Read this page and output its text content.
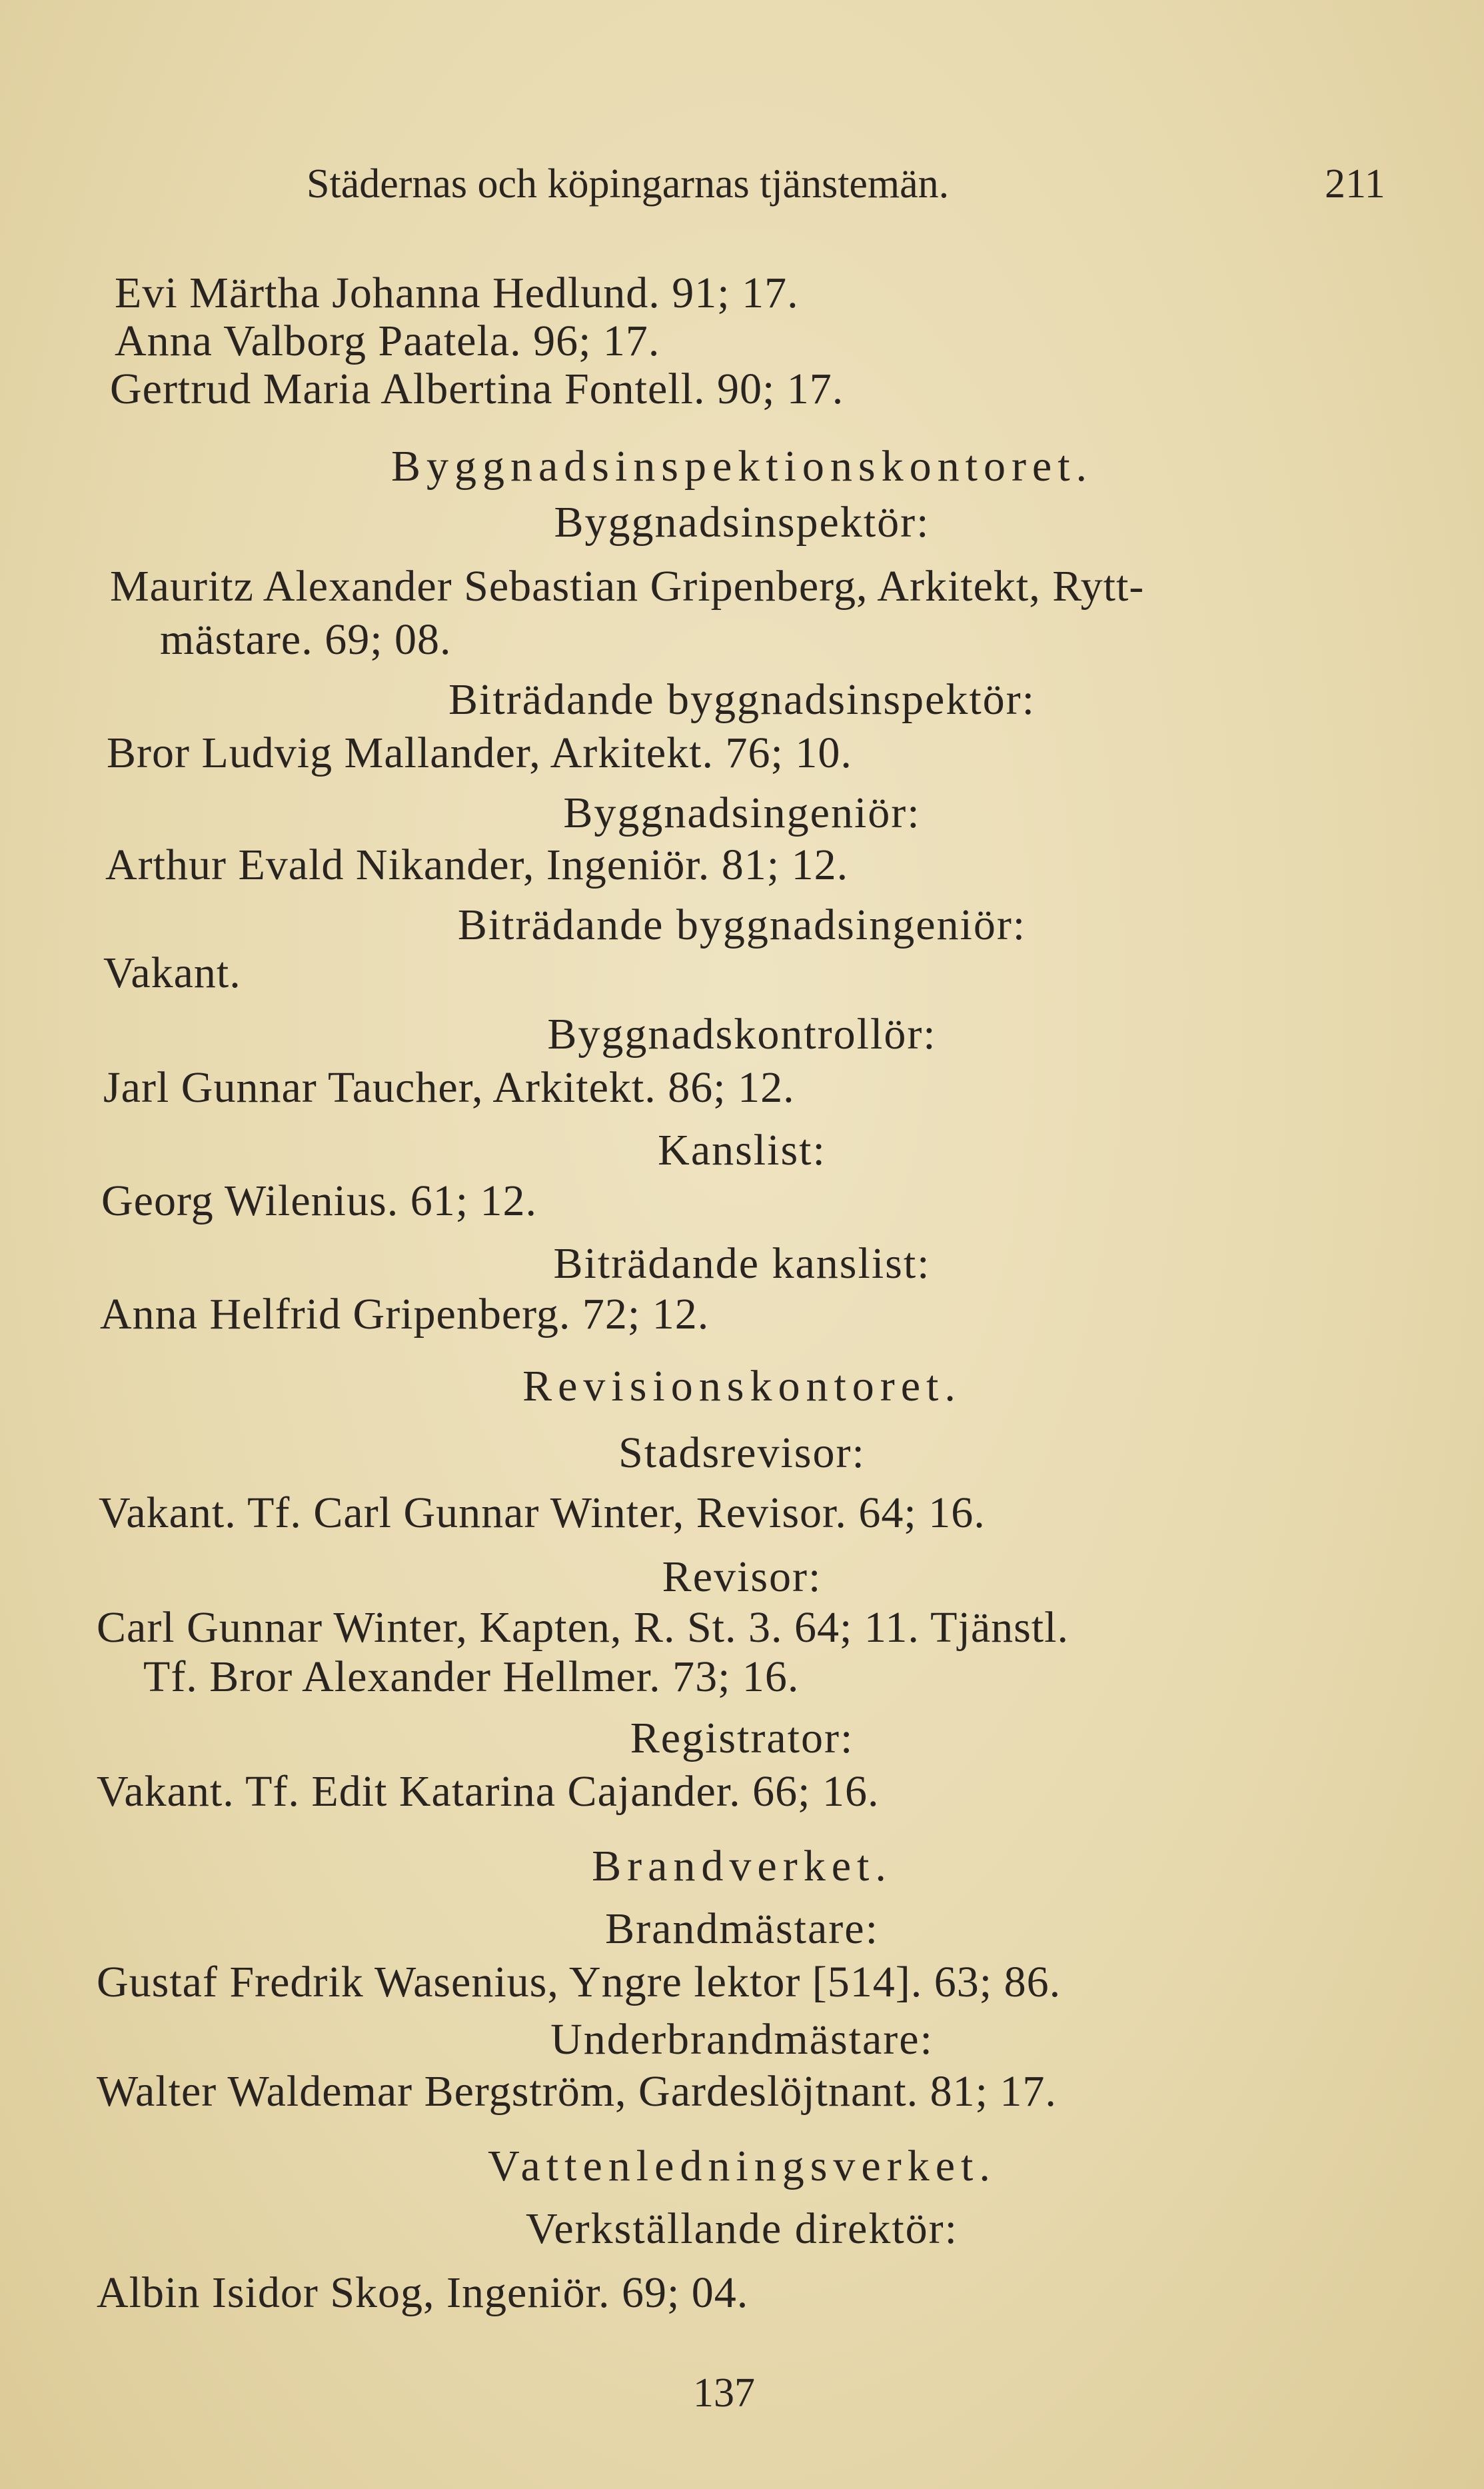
Städernas och köpingarnas tjänstemän.	211
Evi Märtha Johanna Hedlund. 91; 17.
Anna Valborg Paatela. 96; 17.
Gertrud Maria Albertina Fontell. 90; 17.
Byggnadsinspektionskontoret.
Byggnadsinspektör:
Mauritz Alexander Sebastian Gripenberg, Arkitekt, Rytt-
mästare. 69; 08.
Biträdande byggnadsinspektör:
Bror Ludvig Mallander, Arkitekt. 76; 10.
Byggnadsingeniör:
Arthur Evald Nikander, Ingeniör. 81; 12.
Biträdande byggnadsingeniör:
Vakant.
Byggnadskontrollör:
Jarl Gunnar Taucher, Arkitekt. 86; 12.
Kanslist:
Georg Wilenius. 61; 12.
Biträdande kanslist:
Anna Helfrid Gripenberg. 72; 12.
Revisionskontoret.
Stadsrevisor:
Vakant. Tf. Carl Gunnar Winter, Revisor. 64; 16.
Revisor:
Carl Gunnar Winter, Kapten, R. St. 3. 64; 11. Tjänstl.
Tf. Bror Alexander Hellmer. 73; 16.
Registrator:
Vakant. Tf. Edit Katarina Cajander. 66; 16.
Brandverket.
Brandmästare:
Gustaf Fredrik Wasenius, Yngre lektor [514]. 63; 86.
Underbrandmästare:
Walter Waldemar Bergström, Gardeslöjtnant. 81; 17.
Vattenledningsverket.
Verkställande direktör:
Albin Isidor Skog, Ingeniör. 69; 04.
137
